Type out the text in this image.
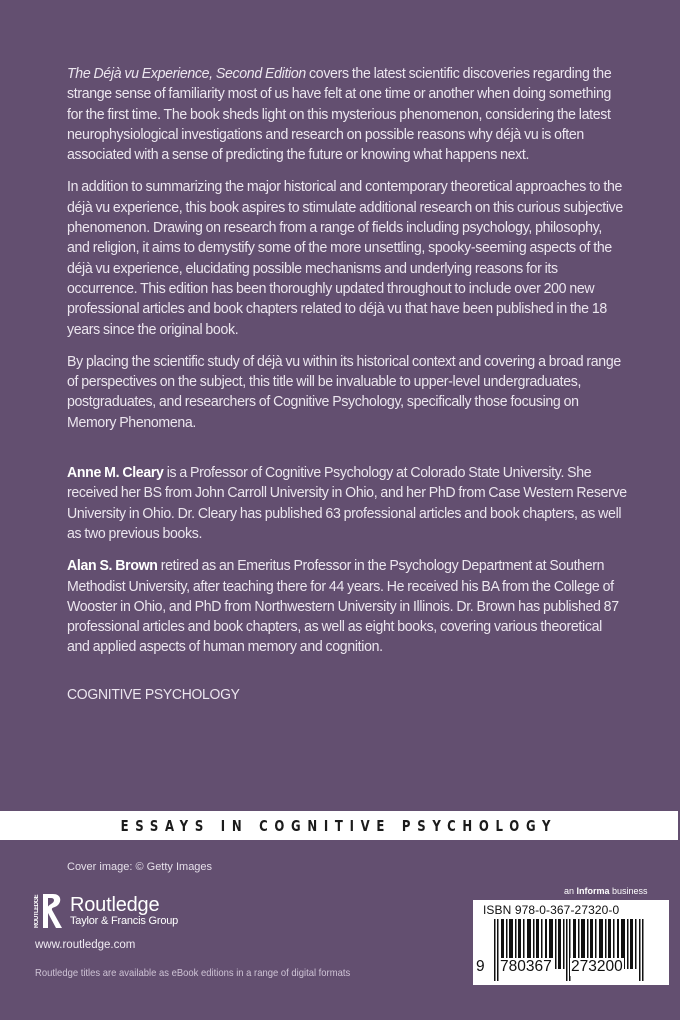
The Déjà vu Experience, Second Edition covers the latest scientific discoveries regarding the strange sense of familiarity most of us have felt at one time or another when doing something for the first time. The book sheds light on this mysterious phenomenon, considering the latest neurophysiological investigations and research on possible reasons why déjà vu is often associated with a sense of predicting the future or knowing what happens next.

In addition to summarizing the major historical and contemporary theoretical approaches to the déjà vu experience, this book aspires to stimulate additional research on this curious subjective phenomenon. Drawing on research from a range of fields including psychology, philosophy, and religion, it aims to demystify some of the more unsettling, spooky-seeming aspects of the déjà vu experience, elucidating possible mechanisms and underlying reasons for its occurrence. This edition has been thoroughly updated throughout to include over 200 new professional articles and book chapters related to déjà vu that have been published in the 18 years since the original book.

By placing the scientific study of déjà vu within its historical context and covering a broad range of perspectives on the subject, this title will be invaluable to upper-level undergraduates, postgraduates, and researchers of Cognitive Psychology, specifically those focusing on Memory Phenomena.

Anne M. Cleary is a Professor of Cognitive Psychology at Colorado State University. She received her BS from John Carroll University in Ohio, and her PhD from Case Western Reserve University in Ohio. Dr. Cleary has published 63 professional articles and book chapters, as well as two previous books.

Alan S. Brown retired as an Emeritus Professor in the Psychology Department at Southern Methodist University, after teaching there for 44 years. He received his BA from the College of Wooster in Ohio, and PhD from Northwestern University in Illinois. Dr. Brown has published 87 professional articles and book chapters, as well as eight books, covering various theoretical and applied aspects of human memory and cognition.

COGNITIVE PSYCHOLOGY
ESSAYS IN COGNITIVE PSYCHOLOGY
Cover image: © Getty Images
ROUTLEDGE Routledge
Taylor & Francis Group
www.routledge.com
Routledge titles are available as eBook editions in a range of digital formats
an Informa business
ISBN 978-0-367-27320-0
9 780367 273200
